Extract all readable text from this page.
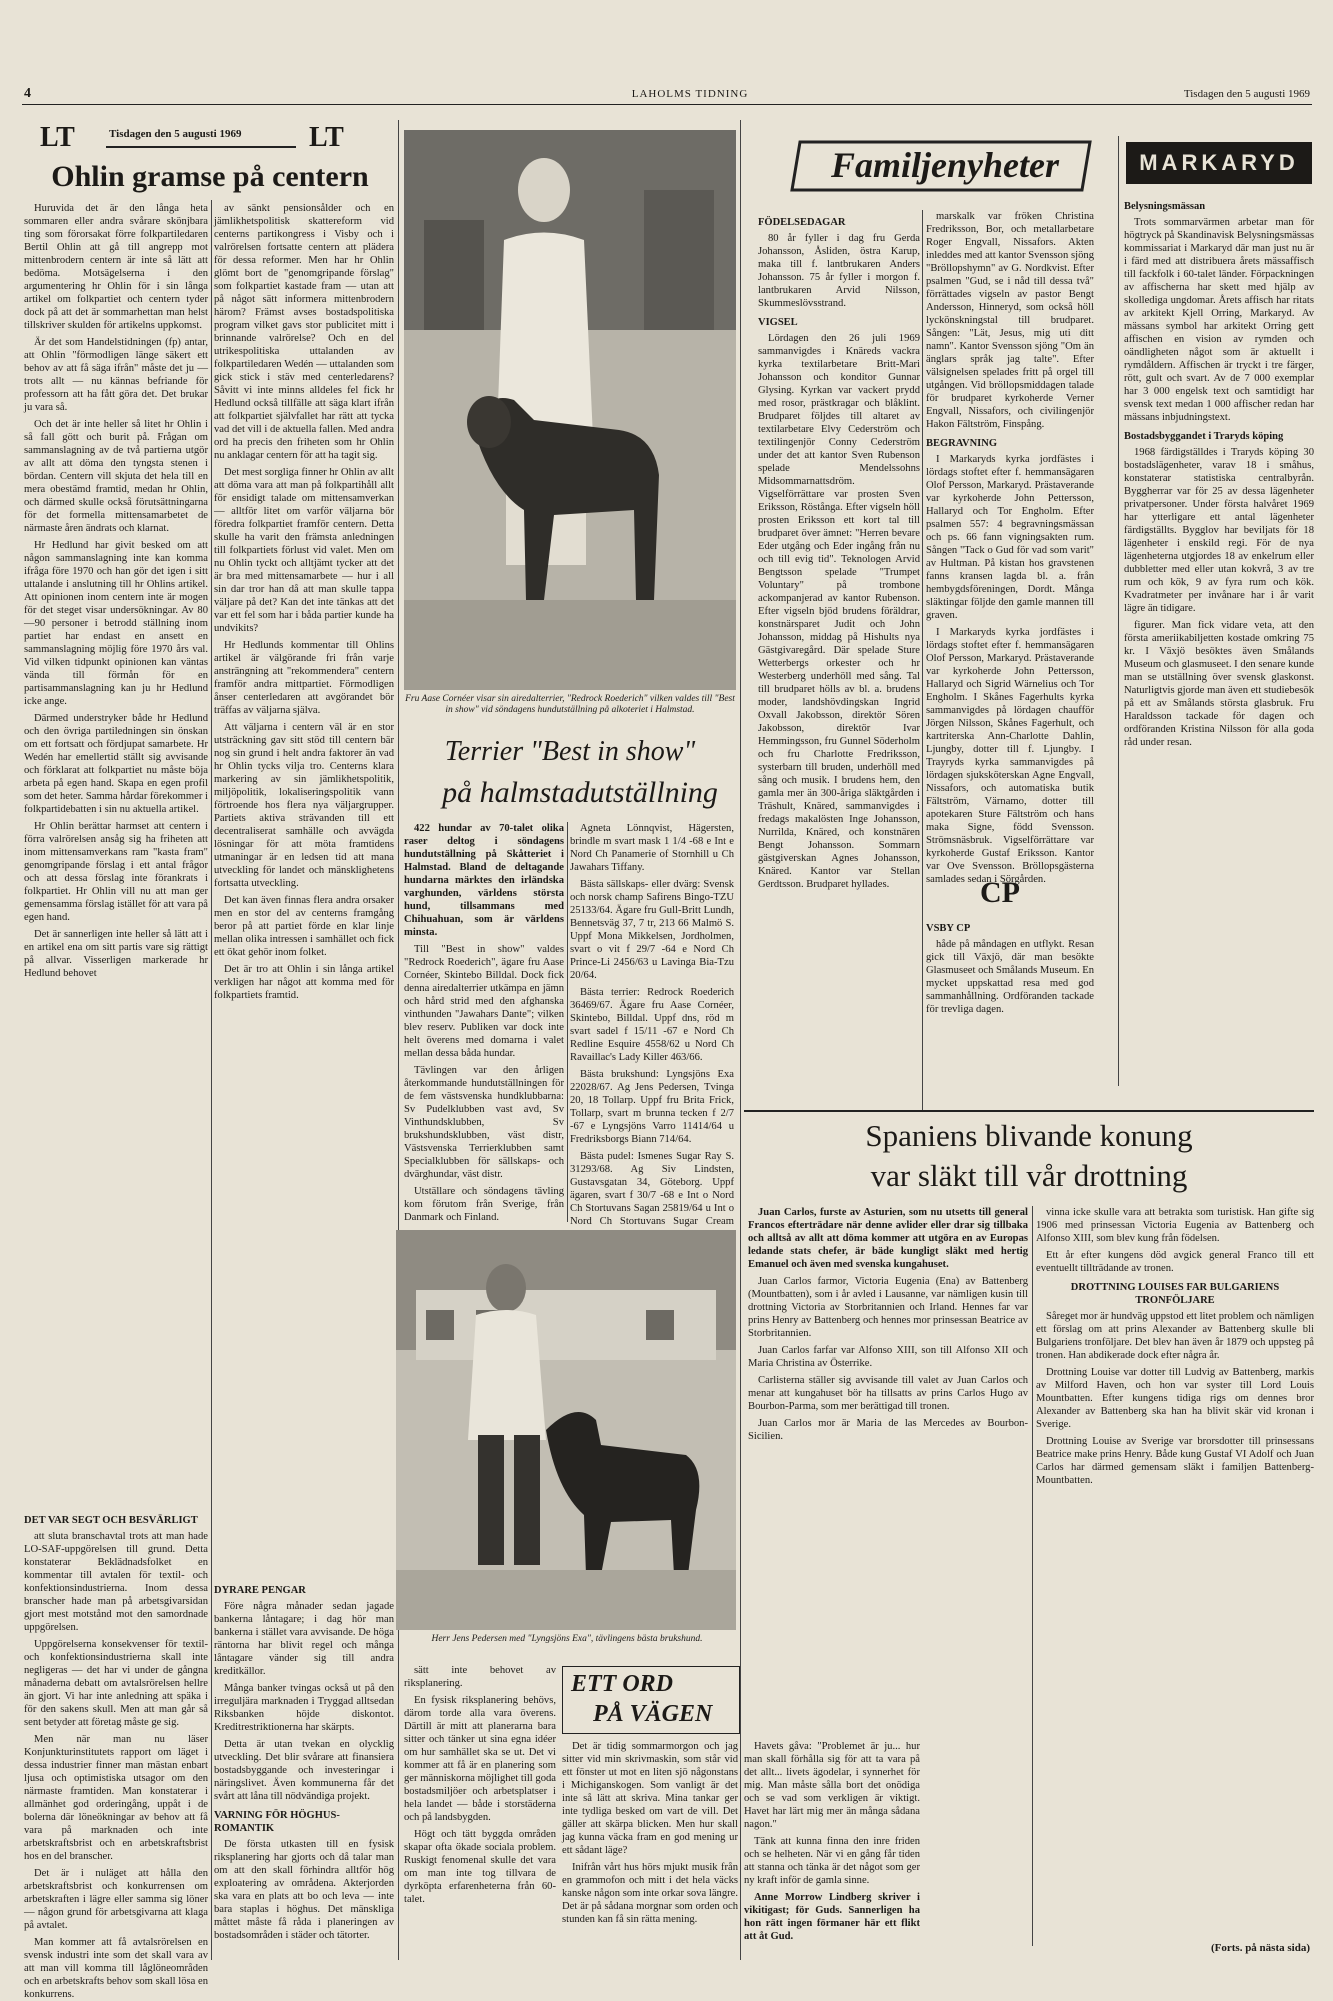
4	LAHOLMS TIDNING	Tisdagen den 5 augusti 1969
LT	Tisdagen den 5 augusti 1969	LT
Ohlin gramse på centern

Huruvida det är den långa heta sommaren eller andra svårare skönjbara ting som förorsakat förre folkpartiledaren Bertil Ohlin att gå till angrepp mot mittenbrodern centern är inte så lätt att bedöma. Motsägelserna i den argumentering hr Ohlin för i sin långa artikel om folkpartiet och centern tyder dock på att det är sommarhettan man helst tillskriver skulden för artikelns uppkomst.

Är det som Handelstidningen (fp) antar, att Ohlin "förmodligen länge säkert ett behov av att få säga ifrån" måste det ju — trots allt — nu kännas befriande för professorn att ha fått göra det. Det brukar ju vara så.

Och det är inte heller så litet hr Ohlin i så fall gött och burit på. Frågan om sammanslagning av de två partierna utgör av allt att döma den tyngsta stenen i bördan. Centern vill skjuta det hela till en mera obestämd framtid, medan hr Ohlin, och därmed skulle också förutsättningarna för det formella mittensamarbetet de närmaste åren ändrats och klarnat.

Hr Hedlund har givit besked om att någon sammanslagning inte kan komma ifråga före 1970 och han gör det igen i sitt uttalande i anslutning till hr Ohlins artikel. Att opinionen inom centern inte är mogen för det steget visar undersökningar. Av 80—90 personer i betrodd ställning inom partiet har endast en ansett en sammanslagning möjlig före 1970 års val. Vid vilken tidpunkt opinionen kan väntas vända till förmån för en partisammanslagning kan ju hr Hedlund icke ange.

Därmed understryker både hr Hedlund och den övriga partiledningen sin önskan om ett fortsatt och fördjupat samarbete. Hr Wedén har emellertid ställt sig avvisande och förklarat att folkpartiet nu måste böja arbeta på egen hand. Skapa en egen profil som det heter. Samma hårdar förekommer i folkpartidebatten i sin nu aktuella artikel.

Hr Ohlin berättar harmset att centern i förra valrörelsen ansåg sig ha friheten att inom mittensamverkans ram "kasta fram" genomgripande förslag i ett antal frågor och att dessa förslag inte förankrats i folkpartiet. Hr Ohlin vill nu att man ger gemensamma förslag istället för att vara på egen hand.

Det är sannerligen inte heller så lätt att i en artikel ena om sitt partis vare sig rättigt på allvar. Visserligen markerade hr Hedlund behovet

DET VAR SEGT OCH BESVÄRLIGT

att sluta branschavtal trots att man hade LO-SAF-uppgörelsen till grund. Detta konstaterar Beklädnadsfolket en kommentar till avtalen för textil- och konfektionsindustrierna. Inom dessa branscher hade man på arbetsgivarsidan gjort mest motstånd mot den samordnade uppgörelsen.

Uppgörelserna konsekvenser för textil- och konfektionsindustrierna skall inte negligeras — det har vi under de gångna månaderna debatt om avtalsrörelsen hellre än gjort. Vi har inte anledning att späka i för den sakens skull. Men att man går så sent betyder att företag måste ge sig.

Men när man nu läser Konjunkturinstitutets rapport om läget i dessa industrier finner man mästan enbart ljusa och optimistiska utsagor om den närmaste framtiden. Man konstaterar i allmänhet god orderingång, uppåt i de bolerna där löneökningar av behov att få vara på marknaden och inte arbetskraftsbrist och en arbetskraftsbrist hos en del branscher.

Det är i nuläget att hålla den arbetskraftsbrist och konkurrensen om arbetskraften i lägre eller samma sig löner — någon grund för arbetsgivarna att klaga på avtalet.

Man kommer att få avtalsrörelsen en svensk industri inte som det skall vara av att man vill komma till låglöneområden och en arbetskrafts behov som skall lösa en konkurrens.

av sänkt pensionsålder och en jämlikhetspolitisk skattereform vid centerns partikongress i Visby och i valrörelsen fortsatte centern att plädera för dessa reformer. Men har hr Ohlin glömt bort de "genomgripande förslag" som folkpartiet kastade fram — utan att på något sätt informera mittenbrodern härom? Främst avses bostadspolitiska program vilket gavs stor publicitet mitt i brinnande valrörelse? Och en del utrikespolitiska uttalanden av folkpartiledaren Wedén — uttalanden som gick stick i stäv med centerledarens? Såvitt vi inte minns alldeles fel fick hr Hedlund också tillfälle att säga klart ifrån att folkpartiet självfallet har rätt att tycka vad det vill i de aktuella fallen. Med andra ord ha precis den friheten som hr Ohlin nu anklagar centern för att ha tagit sig.

Det mest sorgliga finner hr Ohlin av allt att döma vara att man på folkpartihåll allt för ensidigt talade om mittensamverkan — alltför litet om varför väljarna bör föredra folkpartiet framför centern. Detta skulle ha varit den främsta anledningen till folkpartiets förlust vid valet. Men om nu Ohlin tyckt och alltjämt tycker att det är bra med mittensamarbete — hur i all sin dar tror han då att man skulle tappa väljare på det? Kan det inte tänkas att det var ett fel som har i båda partier kunde ha undvikits?

Hr Hedlunds kommentar till Ohlins artikel är välgörande fri från varje ansträngning att "rekommendera" centern framför andra mittpartiet. Förmodligen ånser centerledaren att avgörandet bör träffas av väljarna själva.

Att väljarna i centern väl är en stor utsträckning gav sitt stöd till centern bär nog sin grund i helt andra faktorer än vad hr Ohlin tycks vilja tro. Centerns klara markering av sin jämlikhetspolitik, miljöpolitik, lokaliseringspolitik vann förtroende hos flera nya väljargrupper. Partiets aktiva strävanden till ett decentraliserat samhälle och avvägda lösningar för att möta framtidens utmaningar är en ledsen tid att mana utveckling för landet och mänsklighetens fortsatta utveckling.

Det kan även finnas flera andra orsaker men en stor del av centerns framgång beror på att partiet förde en klar linje mellan olika intressen i samhället och fick ett ökat gehör inom folket.

Det är tro att Ohlin i sin långa artikel verkligen har något att komma med för folkpartiets framtid.

DYRARE PENGAR

Före några månader sedan jagade bankerna låntagare; i dag hör man bankerna i stället vara avvisande. De höga räntorna har blivit regel och många låntagare vänder sig till andra kreditkällor.

Många banker tvingas också ut på den irreguljära marknaden i Tryggad alltsedan Riksbanken höjde diskontot. Kreditrestriktionerna har skärpts.

Detta är utan tvekan en olycklig utveckling. Det blir svårare att finansiera bostadsbyggande och investeringar i näringslivet. Även kommunerna får det svårt att låna till nödvändiga projekt.

VARNING FÖR HÖGHUS-ROMANTIK

De första utkasten till en fysisk riksplanering har gjorts och då talar man om att den skall förhindra alltför hög exploatering av områdena. Akterjorden ska vara en plats att bo och leva — inte bara staplas i höghus. Det mänskliga måttet måste få råda i planeringen av bostadsområden i städer och tätorter.

Fru Aase Cornéer visar sin airedalterrier, "Redrock Roederich" vilken valdes till "Best in show" vid söndagens hundutställning på alkoteriet i Halmstad.
Terrier "Best in show"
på halmstadutställning

422 hundar av 70-talet olika raser deltog i söndagens hundutställning på Skåtteriet i Halmstad. Bland de deltagande hundarna märktes den irländska varghunden, världens största hund, tillsammans med Chihuahuan, som är världens minsta.

Till "Best in show" valdes "Redrock Roederich", ägare fru Aase Cornéer, Skintebo Billdal. Dock fick denna airedalterrier utkämpa en jämn och hård strid med den afghanska vinthunden "Jawahars Dante"; vilken blev reserv. Publiken var dock inte helt överens med domarna i valet mellan dessa båda hundar.

Tävlingen var den årligen återkommande hundutställningen för de fem västsvenska hundklubbarna: Sv Pudelklubben vast avd, Sv Vinthundsklubben, Sv brukshundsklubben, väst distr, Västsvenska Terrierklubben samt Specialklubben för sällskaps- och dvärghundar, väst distr.

Utställare och söndagens tävling kom förutom från Sverige, från Danmark och Finland.

Agneta Lönnqvist, Hägersten, brindle m svart mask 1 1/4 -68 e Int e Nord Ch Panamerie of Stornhill u Ch Jawahars Tiffany.

Bästa sällskaps- eller dvärg: Svensk och norsk champ Safirens Bingo-TZU 25133/64. Ägare fru Gull-Britt Lundh, Bennetsväg 37, 7 tr, 213 66 Malmö S. Uppf Mona Mikkelsen, Jordholmen, svart o vit f 29/7 -64 e Nord Ch Prince-Li 2456/63 u Lavinga Bia-Tzu 20/64.

Bästa terrier: Redrock Roederich 36469/67. Ägare fru Aase Cornéer, Skintebo, Billdal. Uppf dns, röd m svart sadel f 15/11 -67 e Nord Ch Redline Esquire 4558/62 u Nord Ch Ravaillac's Lady Killer 463/66.

Bästa brukshund: Lyngsjöns Exa 22028/67. Ag Jens Pedersen, Tvinga 20, 18 Tollarp. Uppf fru Brita Frick, Tollarp, svart m brunna tecken f 2/7 -67 e Lyngsjöns Varro 11414/64 u Fredriksborgs Biann 714/64.

Bästa pudel: Ismenes Sugar Ray S. 31293/68. Ag Siv Lindsten, Gustavsgatan 34, Göteborg. Uppf ägaren, svart f 30/7 -68 e Int o Nord Ch Stortuvans Sagan 25819/64 u Int o Nord Ch Stortuvans Sugar Cream

Herr Jens Pedersen med "Lyngsjöns Exa", tävlingens bästa brukshund.

sätt inte behovet av riksplanering.

En fysisk riksplanering behövs, därom torde alla vara överens. Därtill är mitt att planerarna bara sitter och tänker ut sina egna idéer om hur samhället ska se ut. Det vi kommer att få är en planering som ger människorna möjlighet till goda bostadsmiljöer och arbetsplatser i hela landet — både i storstäderna och på landsbygden.

Högt och tätt byggda områden skapar ofta ökade sociala problem. Ruskigt fenomenal skulle det vara om man inte tog tillvara de dyrköpta erfarenheterna från 60-talet.

ETT ORD
PÅ VÄGEN

Det är tidig sommarmorgon och jag sitter vid min skrivmaskin, som står vid ett fönster ut mot en liten sjö någonstans i Michiganskogen. Som vanligt är det inte så lätt att skriva. Mina tankar ger inte tydliga besked om vart de vill. Det gäller att skärpa blicken. Men hur skall jag kunna väcka fram en god mening ur ett sådant läge?

Inifrån vårt hus hörs mjukt musik från en grammofon och mitt i det hela väcks kanske någon som inte orkar sova längre. Det är på sådana morgnar som orden och stunden kan få sin rätta mening.

Havets gåva: "Problemet är ju... hur man skall förhålla sig för att ta vara på det allt... livets ägodelar, i synnerhet för mig. Man måste sålla bort det onödiga och se vad som verkligen är viktigt. Havet har lärt mig mer än många sådana nagon."

Tänk att kunna finna den inre friden och se helheten. När vi en gång får tiden att stanna och tänka är det något som ger ny kraft inför de gamla sinne.

Anne Morrow Lindberg skriver i vikitigast; för Guds. Sannerligen ha hon rätt ingen förmaner här ett flikt att åt Gud.

Familjenyheter
FÖDELSEDAGAR

80 år fyller i dag fru Gerda Johansson, Åsliden, östra Karup, maka till f. lantbrukaren Anders Johansson. 75 år fyller i morgon f. lantbrukaren Arvid Nilsson, Skummeslövsstrand.

VIGSEL

Lördagen den 26 juli 1969 sammanvigdes i Knäreds vackra kyrka textilarbetare Britt-Mari Johansson och konditor Gunnar Glysing. Kyrkan var vackert prydd med rosor, prästkragar och blåklint. Brudparet följdes till altaret av textilarbetare Elvy Cederström och textilingenjör Conny Cederström under det att kantor Sven Rubenson spelade Mendelssohns Midsommarnattsdröm. Vigselförrättare var prosten Sven Eriksson, Röstånga. Efter vigseln höll prosten Eriksson ett kort tal till brudparet över ämnet: "Herren bevare Eder utgång och Eder ingång från nu och till evig tid". Teknologen Arvid Bengtsson spelade "Trumpet Voluntary" på trombone ackompanjerad av kantor Rubenson. Efter vigseln bjöd brudens föräldrar, konstnärsparet Judit och John Johansson, middag på Hishults nya Gästgivaregård. Där spelade Sture Wetterbergs orkester och hr Westerberg underhöll med sång. Tal till brudparet hölls av bl. a. brudens moder, landshövdingskan Ingrid Oxvall Jakobsson, direktör Sören Jakobsson, direktör Ivar Hemmingsson, fru Gunnel Söderholm och fru Charlotte Fredriksson, systerbarn till bruden, underhöll med sång och musik. I brudens hem, den gamla mer än 300-åriga släktgården i Träshult, Knäred, sammanvigdes i fredags makalösten Inge Johansson, Nurrilda, Knäred, och konstnären Bengt Johansson. Sommarn gästgiverskan Agnes Johansson, Knäred. Kantor var Stellan Gerdtsson. Brudparet hyllades.

marskalk var fröken Christina Fredriksson, Bor, och metallarbetare Roger Engvall, Nissafors. Akten inleddes med att kantor Svensson sjöng "Bröllopshymn" av G. Nordkvist. Efter psalmen "Gud, se i nåd till dessa två" förrättades vigseln av pastor Bengt Andersson, Hinneryd, som också höll lyckönskningstal till brudparet. Sången: "Lät, Jesus, mig uti ditt namn". Kantor Svensson sjöng "Om än änglars språk jag talte". Efter välsignelsen spelades fritt på orgel till utgången. Vid bröllopsmiddagen talade för brudparet kyrkoherde Verner Engvall, Nissafors, och civilingenjör Hakon Fältström, Finspång.

BEGRAVNING

I Markaryds kyrka jordfästes i lördags stoftet efter f. hemmansägaren Olof Persson, Markaryd. Prästaverande var kyrkoherde John Pettersson, Hallaryd och Tor Engholm. Efter psalmen 557: 4 begravningsmässan och ps. 66 fann vigningsakten rum. Sången "Tack o Gud för vad som varit" av Hultman. På kistan hos gravstenen fanns kransen lagda bl. a. från hembygdsföreningen, Dordt. Många släktingar följde den gamle mannen till graven.

I Markaryds kyrka jordfästes i lördags stoftet efter f. hemmansägaren Olof Persson, Markaryd. Prästaverande var kyrkoherde John Pettersson, Hallaryd och Sigrid Wärnelius och Tor Engholm. I Skånes Fagerhults kyrka sammanvigdes på lördagen chaufför Jörgen Nilsson, Skånes Fagerhult, och kartriterska Ann-Charlotte Dahlin, Ljungby, dotter till f. Ljungby. I Trayryds kyrka sammanvigdes på lördagen sjuksköterskan Agne Engvall, Nissafors, och automatiska butik Fältström, Värnamo, dotter till apotekaren Sture Fältström och hans maka Signe, född Svensson. Strömsnäsbruk. Vigselförrättare var kyrkoherde Gustaf Eriksson. Kantor var Ove Svensson. Bröllopsgästerna samlades sedan i Sörgården.

CP
VSBY CP

håde på måndagen en utflykt. Resan gick till Växjö, där man besökte Glasmuseet och Smålands Museum. En mycket uppskattad resa med god sammanhållning. Ordföranden tackade för trevliga dagen.

MARKARYD
Belysningsmässan

Trots sommarvärmen arbetar man för högtryck på Skandinavisk Belysningsmässas kommissariat i Markaryd där man just nu är i färd med att distribuera årets mässaffisch till fackfolk i 60-talet länder. Förpackningen av affischerna har skett med hjälp av skollediga ungdomar. Årets affisch har ritats av arkitekt Kjell Orring, Markaryd. Av mässans symbol har arkitekt Orring gett affischen en vision av rymden och oändligheten något som är aktuellt i rymdåldern. Affischen är tryckt i tre färger, rött, gult och svart. Av de 7 000 exemplar har 3 000 engelsk text och samtidigt har svensk text medan 1 000 affischer redan har mässans inbjudningstext.

Bostadsbyggandet i Traryds köping

1968 färdigställdes i Traryds köping 30 bostadslägenheter, varav 18 i småhus, konstaterar statistiska centralbyrån. Byggherrar var för 25 av dessa lägenheter privatpersoner. Under första halvåret 1969 har ytterligare ett antal lägenheter färdigställts. Bygglov har beviljats för 18 lägenheter i enskild regi. För de nya lägenheterna utgjordes 18 av enkelrum eller dubbletter med eller utan kokvrå, 3 av tre rum och kök, 9 av fyra rum och kök. Kvadratmeter per invånare har i år varit lägre än tidigare.

figurer. Man fick vidare veta, att den första ameriikabiljetten kostade omkring 75 kr. I Växjö besöktes även Smålands Museum och glasmuseet. I den senare kunde man se utställning över svensk glaskonst. Naturligtvis gjorde man även ett studiebesök på ett av Smålands största glasbruk. Fru Haraldsson tackade för dagen och ordföranden Kristina Nilsson för alla goda råd under resan.

Spaniens blivande konung
var släkt till vår drottning

Juan Carlos, furste av Asturien, som nu utsetts till general Francos efterträdare när denne avlider eller drar sig tillbaka och alltså av allt att döma kommer att utgöra en av Europas ledande stats chefer, är bäde kungligt släkt med hertig Emanuel och även med svenska kungahuset.

Juan Carlos farmor, Victoria Eugenia (Ena) av Battenberg (Mountbatten), som i år avled i Lausanne, var nämligen kusin till drottning Victoria av Storbritannien och Irland. Hennes far var prins Henry av Battenberg och hennes mor prinsessan Beatrice av Storbritannien.

Juan Carlos farfar var Alfonso XIII, son till Alfonso XII och Maria Christina av Österrike.

Carlisterna ställer sig avvisande till valet av Juan Carlos och menar att kungahuset bör ha tillsatts av prins Carlos Hugo av Bourbon-Parma, som mer berättigad till tronen.

Juan Carlos mor är Maria de las Mercedes av Bourbon-Sicilien.

vinna icke skulle vara att betrakta som turistisk. Han gifte sig 1906 med prinsessan Victoria Eugenia av Battenberg och Alfonso XIII, som blev kung från födelsen.

Ett år efter kungens död avgick general Franco till ett eventuellt tillträdande av tronen.

DROTTNING LOUISES FAR BULGARIENS TRONFÖLJARE

Såreget mor är hundväg uppstod ett litet problem och nämligen ett förslag om att prins Alexander av Battenberg skulle bli Bulgariens tronföljare. Det blev han även år 1879 och uppsteg på tronen. Han abdikerade dock efter några år.

Drottning Louise var dotter till Ludvig av Battenberg, markis av Milford Haven, och hon var syster till Lord Louis Mountbatten. Efter kungens tidiga rigs om dennes bror Alexander av Battenberg ska han ha blivit skär vid kronan i Sverige.

Drottning Louise av Sverige var brorsdotter till prinsessans Beatrice make prins Henry. Både kung Gustaf VI Adolf och Juan Carlos har därmed gemensam släkt i familjen Battenberg-Mountbatten.

(Forts. på nästa sida)
